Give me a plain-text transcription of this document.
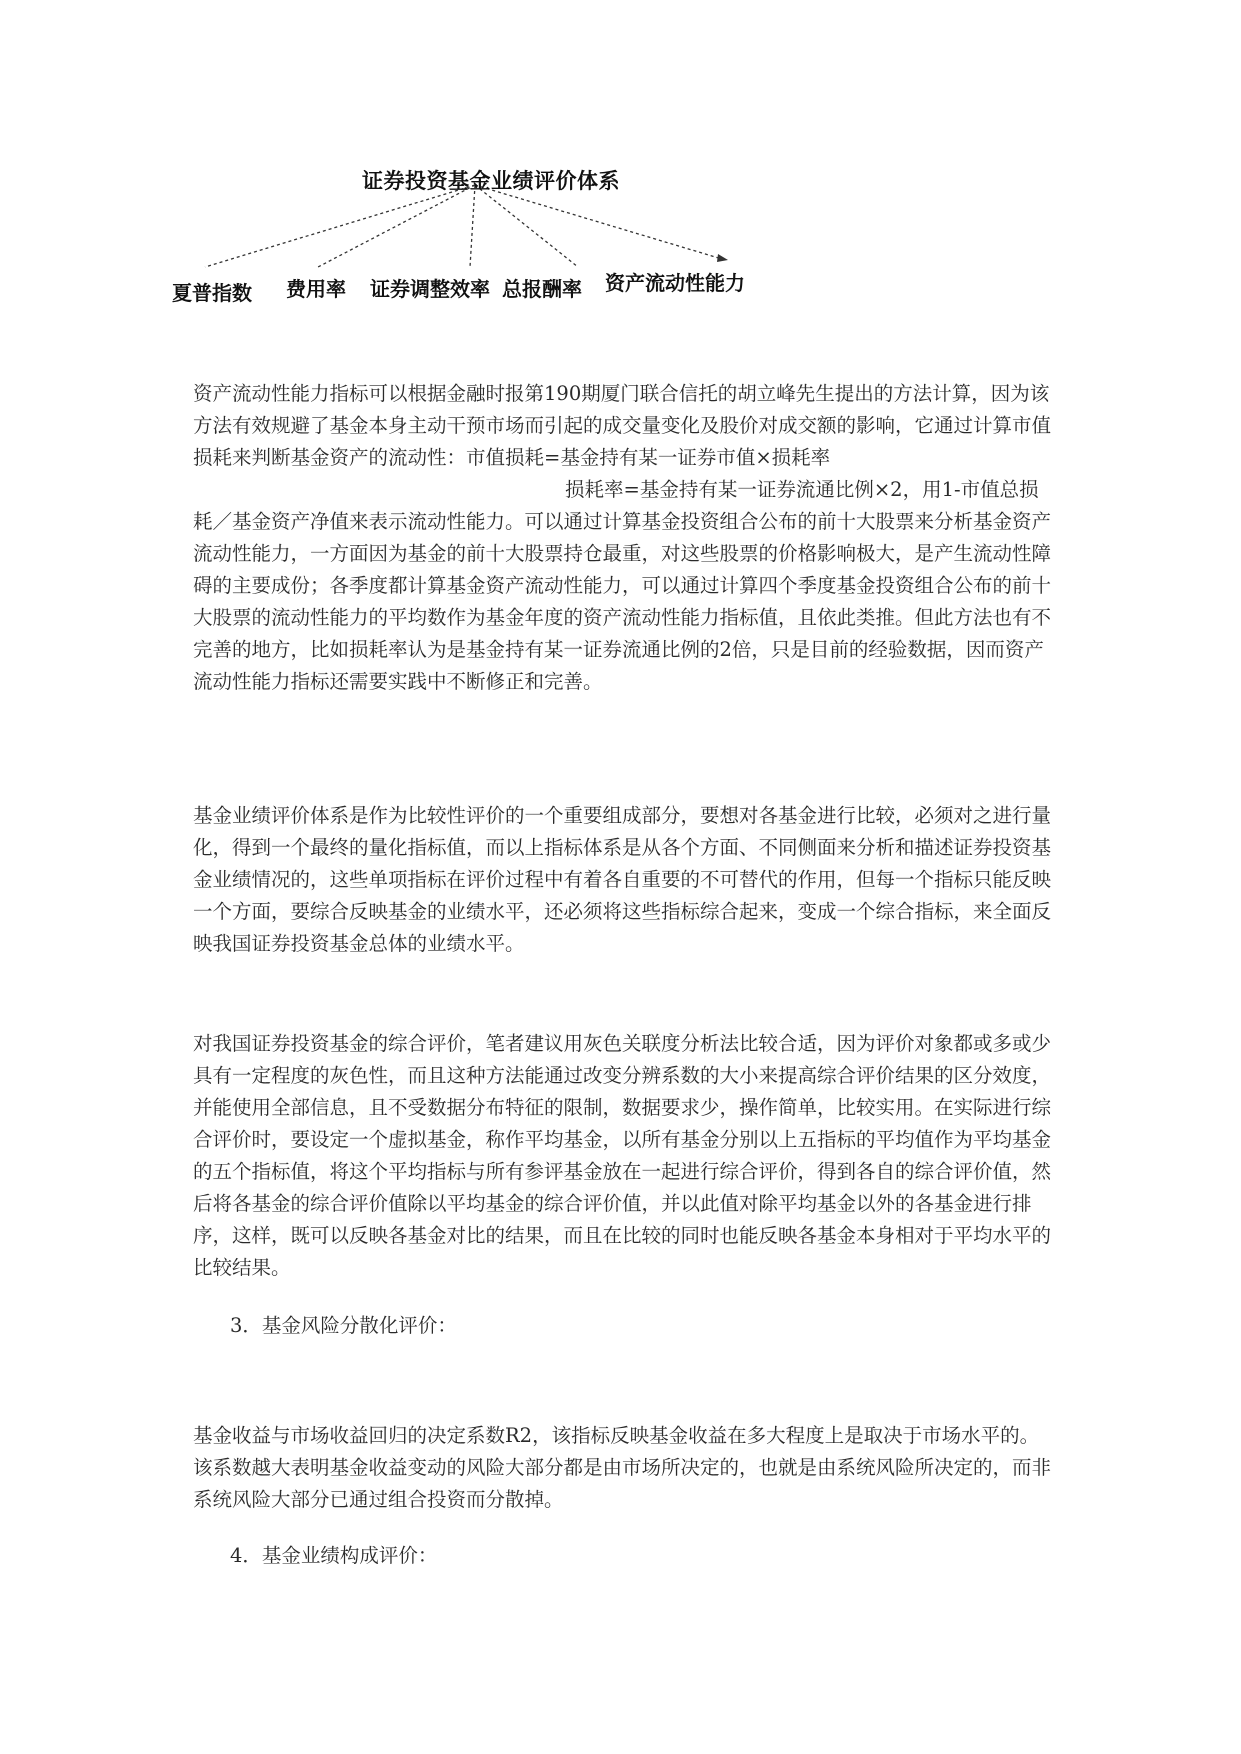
证券投资基金业绩评价体系
夏普指数 费用率 证券调整效率 总报酬率 资产流动性能力

资产流动性能力指标可以根据金融时报第190期厦门联合信托的胡立峰先生提出的方法计算，因为该方法有效规避了基金本身主动干预市场而引起的成交量变化及股价对成交额的影响，它通过计算市值损耗来判断基金资产的流动性：市值损耗=基金持有某一证券市值×损耗率损耗率=基金持有某一证券流通比例×2，用1-市值总损耗／基金资产净值来表示流动性能力。可以通过计算基金投资组合公布的前十大股票来分析基金资产流动性能力，一方面因为基金的前十大股票持仓最重，对这些股票的价格影响极大，是产生流动性障碍的主要成份；各季度都计算基金资产流动性能力，可以通过计算四个季度基金投资组合公布的前十大股票的流动性能力的平均数作为基金年度的资产流动性能力指标值，且依此类推。但此方法也有不完善的地方，比如损耗率认为是基金持有某一证券流通比例的2倍，只是目前的经验数据，因而资产流动性能力指标还需要实践中不断修正和完善。

基金业绩评价体系是作为比较性评价的一个重要组成部分，要想对各基金进行比较，必须对之进行量化，得到一个最终的量化指标值，而以上指标体系是从各个方面、不同侧面来分析和描述证券投资基金业绩情况的，这些单项指标在评价过程中有着各自重要的不可替代的作用，但每一个指标只能反映一个方面，要综合反映基金的业绩水平，还必须将这些指标综合起来，变成一个综合指标，来全面反映我国证券投资基金总体的业绩水平。

对我国证券投资基金的综合评价，笔者建议用灰色关联度分析法比较合适，因为评价对象都或多或少具有一定程度的灰色性，而且这种方法能通过改变分辨系数的大小来提高综合评价结果的区分效度，并能使用全部信息，且不受数据分布特征的限制，数据要求少，操作简单，比较实用。在实际进行综合评价时，要设定一个虚拟基金，称作平均基金，以所有基金分别以上五指标的平均值作为平均基金的五个指标值，将这个平均指标与所有参评基金放在一起进行综合评价，得到各自的综合评价值，然后将各基金的综合评价值除以平均基金的综合评价值，并以此值对除平均基金以外的各基金进行排序，这样，既可以反映各基金对比的结果，而且在比较的同时也能反映各基金本身相对于平均水平的比较结果。

3．基金风险分散化评价：

基金收益与市场收益回归的决定系数R2，该指标反映基金收益在多大程度上是取决于市场水平的。该系数越大表明基金收益变动的风险大部分都是由市场所决定的，也就是由系统风险所决定的，而非系统风险大部分已通过组合投资而分散掉。

4．基金业绩构成评价：
